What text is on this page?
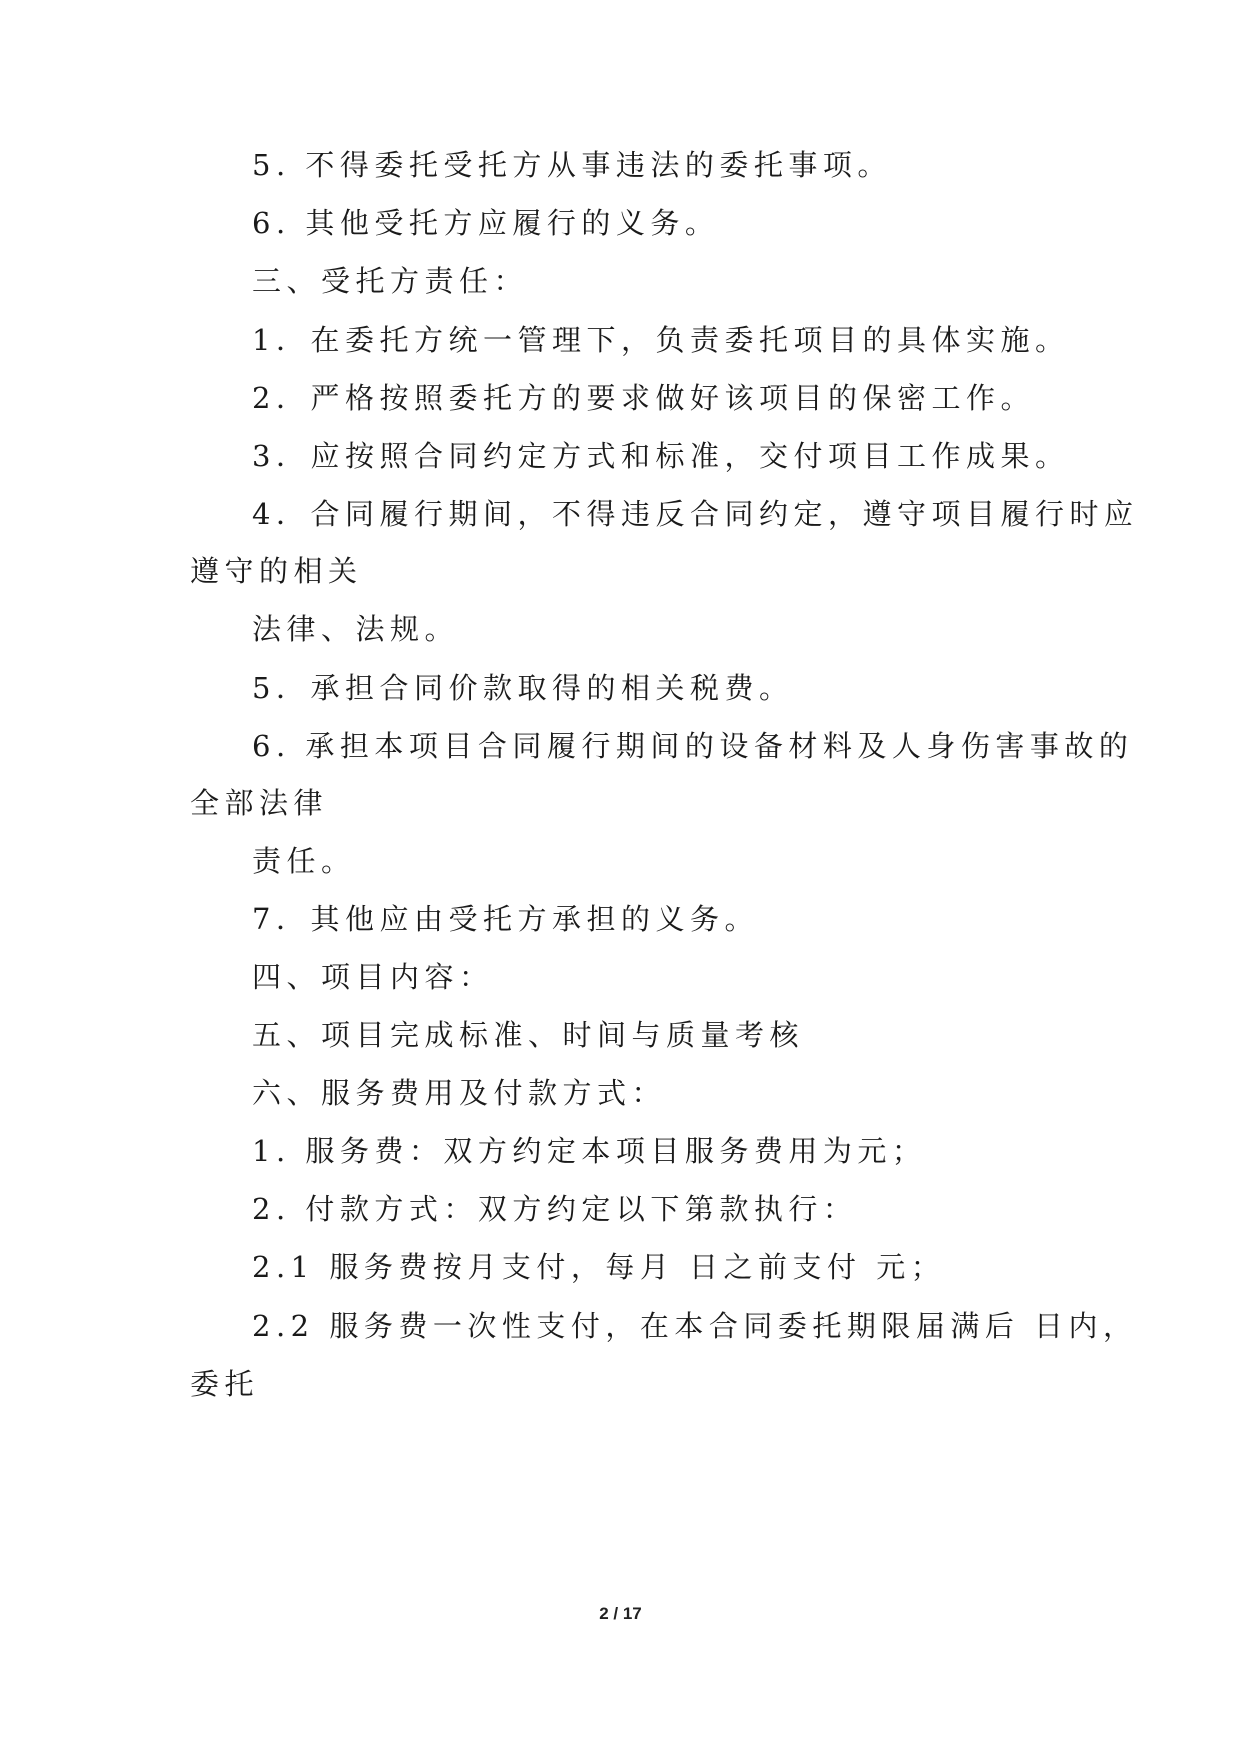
5. 不得委托受托方从事违法的委托事项。
6. 其他受托方应履行的义务。
三、受托方责任：
1．在委托方统一管理下，负责委托项目的具体实施。
2．严格按照委托方的要求做好该项目的保密工作。
3．应按照合同约定方式和标准，交付项目工作成果。
4．合同履行期间，不得违反合同约定，遵守项目履行时应
遵守的相关
法律、法规。
5．承担合同价款取得的相关税费。
6. 承担本项目合同履行期间的设备材料及人身伤害事故的
全部法律
责任。
7．其他应由受托方承担的义务。
四、项目内容：
五、项目完成标准、时间与质量考核
六、服务费用及付款方式：
1. 服务费：双方约定本项目服务费用为元；
2. 付款方式：双方约定以下第款执行：
2.1 服务费按月支付，每月 日之前支付 元；
2.2 服务费一次性支付，在本合同委托期限届满后 日内，
委托
2 / 17
